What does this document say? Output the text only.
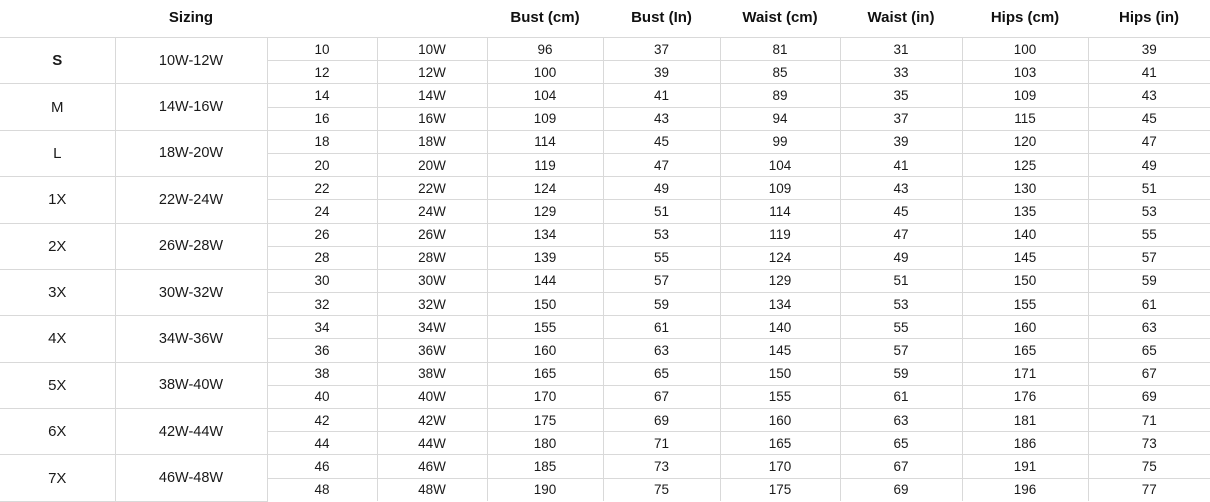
	Sizing			Bust (cm)	Bust (In)	Waist (cm)	Waist (in)	Hips (cm)	Hips (in)
S	10W-12W	10	10W	96	37	81	31	100	39
		12	12W	100	39	85	33	103	41
M	14W-16W	14	14W	104	41	89	35	109	43
		16	16W	109	43	94	37	115	45
L	18W-20W	18	18W	114	45	99	39	120	47
		20	20W	119	47	104	41	125	49
1X	22W-24W	22	22W	124	49	109	43	130	51
		24	24W	129	51	114	45	135	53
2X	26W-28W	26	26W	134	53	119	47	140	55
		28	28W	139	55	124	49	145	57
3X	30W-32W	30	30W	144	57	129	51	150	59
		32	32W	150	59	134	53	155	61
4X	34W-36W	34	34W	155	61	140	55	160	63
		36	36W	160	63	145	57	165	65
5X	38W-40W	38	38W	165	65	150	59	171	67
		40	40W	170	67	155	61	176	69
6X	42W-44W	42	42W	175	69	160	63	181	71
		44	44W	180	71	165	65	186	73
7X	46W-48W	46	46W	185	73	170	67	191	75
		48	48W	190	75	175	69	196	77
